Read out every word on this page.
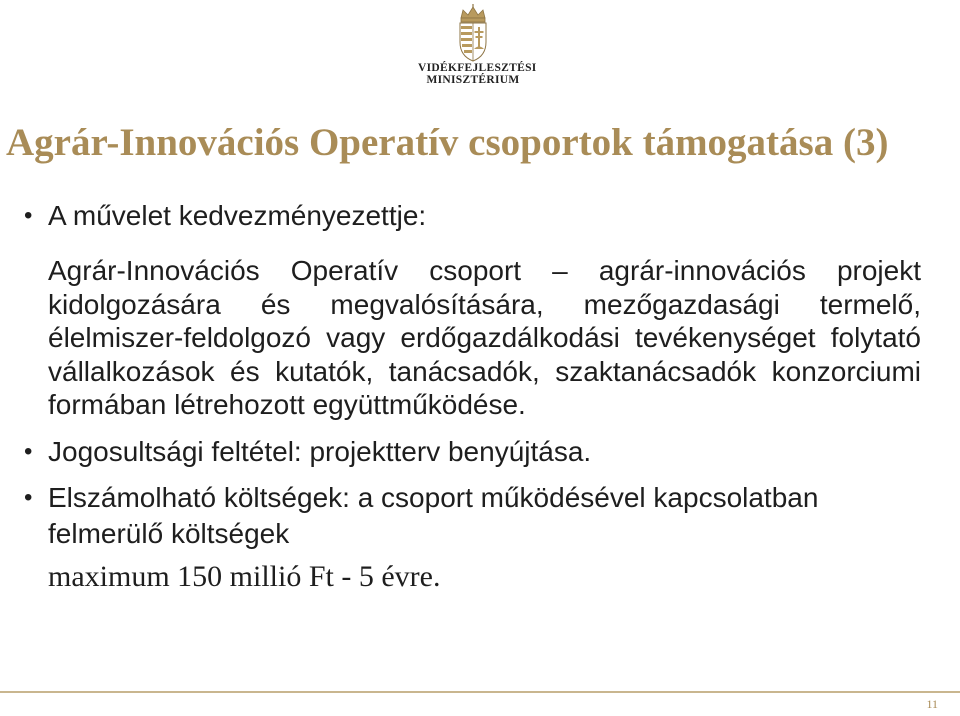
VIDÉKFEJLESZTÉSI
MINISZTÉRIUM
Agrár-Innovációs Operatív csoportok támogatása (3)
• A művelet kedvezményezettje:
Agrár-Innovációs Operatív csoport – agrár-innovációs projekt kidolgozására és megvalósítására, mezőgazdasági termelő, élelmiszer-feldolgozó vagy erdőgazdálkodási tevékenységet folytató vállalkozások és kutatók, tanácsadók, szaktanácsadók konzorciumi formában létrehozott együttműködése.
• Jogosultsági feltétel: projektterv benyújtása.
• Elszámolható költségek: a csoport működésével kapcsolatban
felmerülő költségek
maximum 150 millió Ft - 5 évre.
11
